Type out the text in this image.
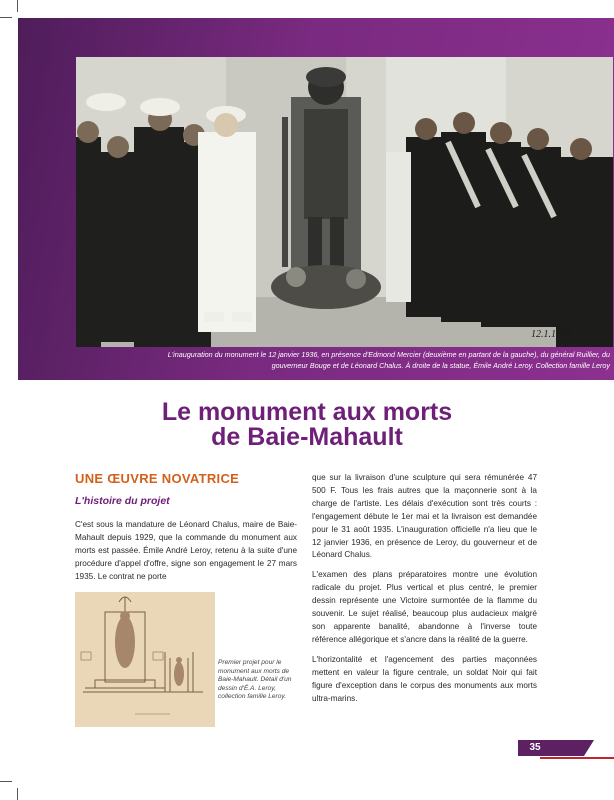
12.1.1936
L'inauguration du monument le 12 janvier 1936, en présence d'Edmond Mercier (deuxième en partant de la gauche), du général Ruillier, du
gouverneur Bouge et de Léonard Chalus. À droite de la statue, Émile André Leroy. Collection famille Leroy
Le monument aux morts
de Baie-Mahault
UNE ŒUVRE NOVATRICE
L'histoire du projet

C'est sous la mandature de Léonard Chalus, maire de Baie-Mahault depuis 1929, que la commande du monument aux morts est passée. Émile André Leroy, retenu à la suite d'une procédure d'appel d'offre, signe son engagement le 27 mars 1935. Le contrat ne porte

Premier projet pour le monument aux morts de Baie-Mahault. Détail d'un dessin d'É.A. Leroy, collection famille Leroy.

que sur la livraison d'une sculpture qui sera rémunérée 47 500 F. Tous les frais autres que la maçonnerie sont à la charge de l'artiste. Les délais d'exécution sont très courts : l'engagement débute le 1er mai et la livraison est demandée pour le 31 août 1935. L'inauguration officielle n'a lieu que le 12 janvier 1936, en présence de Leroy, du gouverneur et de Léonard Chalus.

L'examen des plans préparatoires montre une évolution radicale du projet. Plus vertical et plus centré, le premier dessin représente une Victoire surmontée de la flamme du souvenir. Le sujet réalisé, beaucoup plus audacieux malgré son apparente banalité, abandonne à l'inverse toute référence allégorique et s'ancre dans la réalité de la guerre.

L'horizontalité et l'agencement des parties maçonnées mettent en valeur la figure centrale, un soldat Noir qui fait figure d'exception dans le corpus des monuments aux morts ultra-marins.

35
